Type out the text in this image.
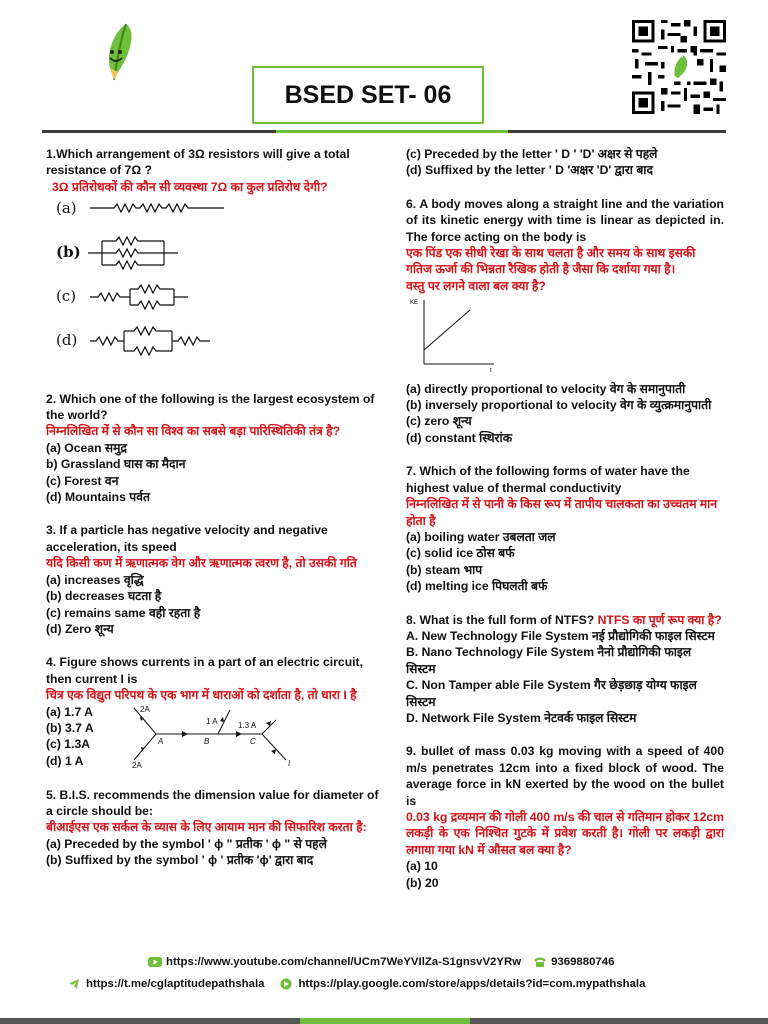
BSED SET- 06
1.Which arrangement of 3Ω resistors will give a total resistance of 7Ω ?
3Ω प्रतिरोधकों की कौन सी व्यवस्था 7Ω का कुल प्रतिरोध देगी?
(a)
(b)
(c)
(d)
2. Which one of the following is the largest ecosystem of the world?
निम्नलिखित में से कौन सा विश्व का सबसे बड़ा पारिस्थितिकी तंत्र है?
(a) Ocean समुद्र
b) Grassland घास का मैदान
(c) Forest वन
(d) Mountains पर्वत
3. If a particle has negative velocity and negative acceleration, its speed
यदि किसी कण में ऋणात्मक वेग और ऋणात्मक त्वरण है, तो उसकी गति
(a) increases वृद्धि
(b) decreases घटता है
(c) remains same वही रहता है
(d) Zero शून्य
4. Figure shows currents in a part of an electric circuit, then current I is
चित्र एक विद्युत परिपथ के एक भाग में धाराओं को दर्शाता है, तो धारा I है
(a) 1.7 A
(b) 3.7 A
(c) 1.3A
(d) 1 A
2A
2A
1 A	1.3 A
A	B	C
I
5. B.I.S. recommends the dimension value for diameter of a circle should be:
बीआईएस एक सर्कल के व्यास के लिए आयाम मान की सिफारिश करता है:
(a) Preceded by the symbol ' ϕ " प्रतीक ' ϕ " से पहले
(b) Suffixed by the symbol ' ϕ ' प्रतीक 'ϕ' द्वारा बाद
(c) Preceded by the letter ' D ' 'D' अक्षर से पहले
(d) Suffixed by the letter ' D 'अक्षर 'D' द्वारा बाद
6. A body moves along a straight line and the variation of its kinetic energy with time is linear as depicted in. The force acting on the body is
एक पिंड एक सीधी रेखा के साथ चलता है और समय के साथ इसकी गतिज ऊर्जा की भिन्नता रैखिक होती है जैसा कि दर्शाया गया है।
वस्तु पर लगने वाला बल क्या है?
KE
t
(a) directly proportional to velocity वेग के समानुपाती
(b) inversely proportional to velocity वेग के व्युत्क्रमानुपाती
(c) zero शून्य
(d) constant स्थिरांक
7. Which of the following forms of water have the highest value of thermal conductivity
निम्नलिखित में से पानी के किस रूप में तापीय चालकता का उच्चतम मान होता है
(a) boiling water उबलता जल
(c) solid ice ठोस बर्फ
(b) steam भाप
(d) melting ice पिघलती बर्फ
8. What is the full form of NTFS? NTFS का पूर्ण रूप क्या है?
A. New Technology File System नई प्रौद्योगिकी फाइल सिस्टम
B. Nano Technology File System नैनो प्रौद्योगिकी फाइल सिस्टम
C. Non Tamper able File System गैर छेड़छाड़ योग्य फाइल सिस्टम
D. Network File System नेटवर्क फाइल सिस्टम
9. bullet of mass 0.03 kg moving with a speed of 400 m/s penetrates 12cm into a fixed block of wood. The average force in kN exerted by the wood on the bullet is
0.03 kg द्रव्यमान की गोली 400 m/s की चाल से गतिमान होकर 12cm लकड़ी के एक निश्चित गुटके में प्रवेश करती है। गोली पर लकड़ी द्वारा लगाया गया kN में औसत बल क्या है?
(a) 10
(b) 20
https://www.youtube.com/channel/UCm7WeYVIlZa-S1gnsvV2YRw	9369880746
https://t.me/cglaptitudepathshala	https://play.google.com/store/apps/details?id=com.mypathshala
